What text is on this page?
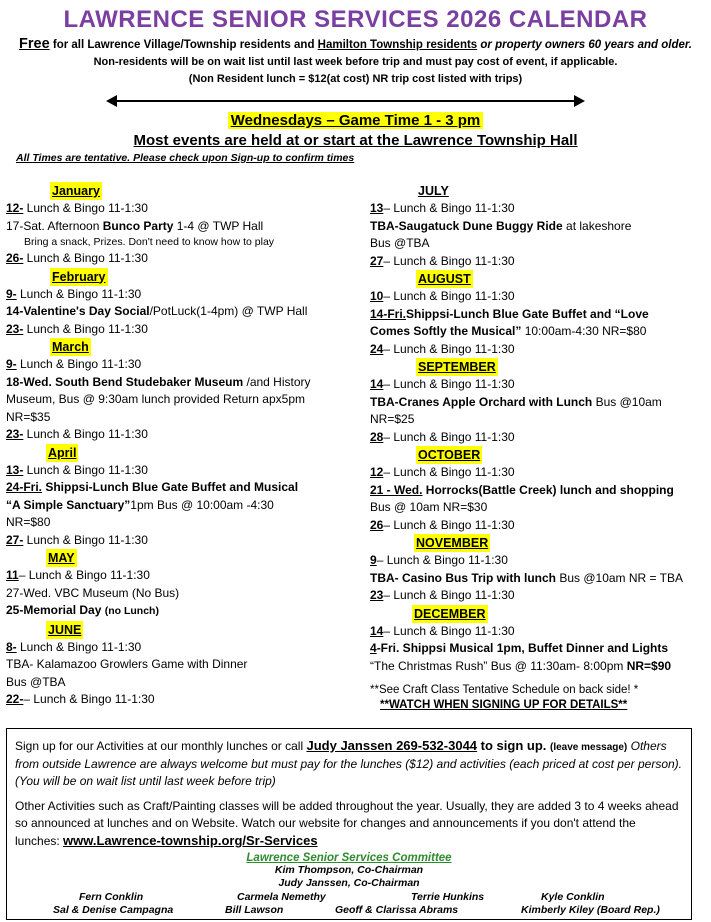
LAWRENCE SENIOR SERVICES 2026 CALENDAR
Free for all Lawrence Village/Township residents and Hamilton Township residents or property owners 60 years and older. Non-residents will be on wait list until last week before trip and must pay cost of event, if applicable.
(Non Resident lunch = $12(at cost) NR trip cost listed with trips)
Wednesdays – Game Time 1 - 3 pm
Most events are held at or start at the Lawrence Township Hall
All Times are tentative. Please check upon Sign-up to confirm times
January
12- Lunch & Bingo 11-1:30
17-Sat. Afternoon Bunco Party 1-4 @ TWP Hall
Bring a snack, Prizes. Don't need to know how to play
26- Lunch & Bingo 11-1:30
February
9- Lunch & Bingo 11-1:30
14-Valentine's Day Social/PotLuck(1-4pm) @ TWP Hall
23- Lunch & Bingo 11-1:30
March
9- Lunch & Bingo 11-1:30
18-Wed. South Bend Studebaker Museum /and History
Museum, Bus @ 9:30am lunch provided Return apx5pm
NR=$35
23- Lunch & Bingo 11-1:30
April
13- Lunch & Bingo 11-1:30
24-Fri. Shippsi-Lunch Blue Gate Buffet and Musical
“A Simple Sanctuary”1pm Bus @ 10:00am -4:30
NR=$80
27- Lunch & Bingo 11-1:30
MAY
11– Lunch & Bingo 11-1:30
27-Wed. VBC Museum (No Bus)
25-Memorial Day (no Lunch)
JUNE
8- Lunch & Bingo 11-1:30
TBA- Kalamazoo Growlers Game with Dinner
Bus @TBA
22-– Lunch & Bingo 11-1:30
JULY
13– Lunch & Bingo 11-1:30
TBA-Saugatuck Dune Buggy Ride at lakeshore
Bus @TBA
27– Lunch & Bingo 11-1:30
AUGUST
10– Lunch & Bingo 11-1:30
14-Fri.Shippsi-Lunch Blue Gate Buffet and “Love
Comes Softly the Musical” 10:00am-4:30 NR=$80
24– Lunch & Bingo 11-1:30
SEPTEMBER
14– Lunch & Bingo 11-1:30
TBA-Cranes Apple Orchard with Lunch Bus @10am
NR=$25
28– Lunch & Bingo 11-1:30
OCTOBER
12– Lunch & Bingo 11-1:30
21 - Wed. Horrocks(Battle Creek) lunch and shopping
Bus @ 10am NR=$30
26– Lunch & Bingo 11-1:30
NOVEMBER
9– Lunch & Bingo 11-1:30
TBA- Casino Bus Trip with lunch Bus @10am NR = TBA
23– Lunch & Bingo 11-1:30
DECEMBER
14– Lunch & Bingo 11-1:30
4-Fri. Shippsi Musical 1pm, Buffet Dinner and Lights
“The Christmas Rush” Bus @ 11:30am- 8:00pm NR=$90
**See Craft Class Tentative Schedule on back side! *
**WATCH WHEN SIGNING UP FOR DETAILS**

Sign up for our Activities at our monthly lunches or call Judy Janssen 269-532-3044 to sign up. (leave message) Others from outside Lawrence are always welcome but must pay for the lunches ($12) and activities (each priced at cost per person). (You will be on wait list until last week before trip)

Other Activities such as Craft/Painting classes will be added throughout the year. Usually, they are added 3 to 4 weeks ahead so announced at lunches and on Website. Watch our website for changes and announcements if you don't attend the lunches: www.Lawrence-township.org/Sr-Services

Lawrence Senior Services Committee
Kim Thompson, Co-Chairman
Judy Janssen, Co-Chairman
Fern Conklin	Carmela Nemethy	Terrie Hunkins	Kyle Conklin
Sal & Denise Campagna	Bill Lawson	Geoff & Clarissa Abrams	Kimberly Kiley (Board Rep.)
